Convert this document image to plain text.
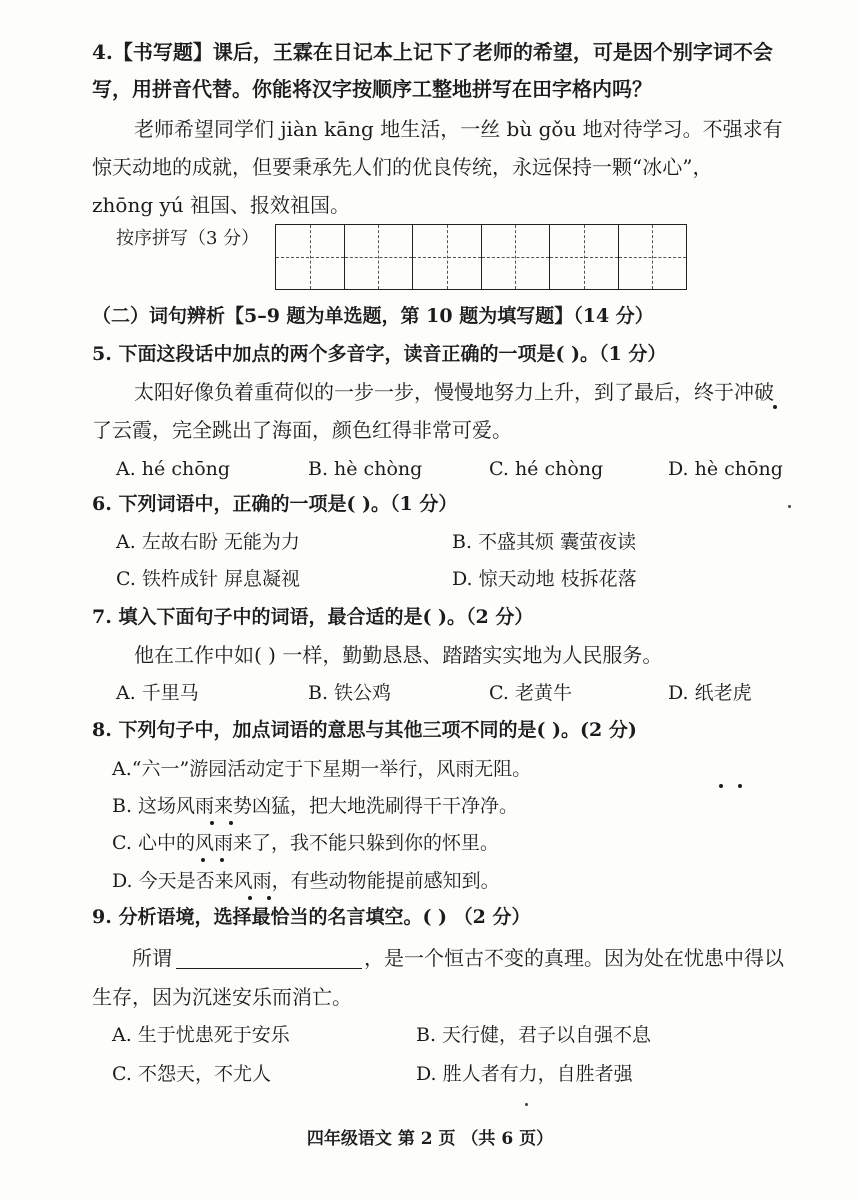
4.【书写题】课后，王霖在日记本上记下了老师的希望，可是因个别字词不会
写，用拼音代替。你能将汉字按顺序工整地拼写在田字格内吗？
老师希望同学们 jiàn kāng 地生活，一丝 bù gǒu 地对待学习。不强求有
惊天动地的成就，但要秉承先人们的优良传统，永远保持一颗“冰心”，
zhōng yú 祖国、报效祖国。
按序拼写（3 分）
（二）词句辨析【5–9 题为单选题，第 10 题为填写题】（14 分）
5. 下面这段话中加点的两个多音字，读音正确的一项是( )。（1 分）
太阳好像负着重荷似的一步一步，慢慢地努力上升，到了最后，终于冲破
了云霞，完全跳出了海面，颜色红得非常可爱。
A. hé chōng	B. hè chòng	C. hé chòng	D. hè chōng
6. 下列词语中，正确的一项是( )。（1 分）
A. 左故右盼 无能为力	B. 不盛其烦 囊萤夜读
C. 铁杵成针 屏息凝视	D. 惊天动地 枝拆花落
7. 填入下面句子中的词语，最合适的是( )。（2 分）
他在工作中如( ) 一样，勤勤恳恳、踏踏实实地为人民服务。
A. 千里马	B. 铁公鸡	C. 老黄牛	D. 纸老虎
8. 下列句子中，加点词语的意思与其他三项不同的是( )。(2 分)
A.“六一”游园活动定于下星期一举行，风雨无阻。
B. 这场风雨来势凶猛，把大地洗刷得干干净净。
C. 心中的风雨来了，我不能只躲到你的怀里。
D. 今天是否来风雨，有些动物能提前感知到。
9. 分析语境，选择最恰当的名言填空。( ) （2 分）
所谓	，是一个恒古不变的真理。因为处在忧患中得以
生存，因为沉迷安乐而消亡。
A. 生于忧患死于安乐	B. 天行健，君子以自强不息
C. 不怨天，不尤人	D. 胜人者有力，自胜者强
四年级语文 第 2 页 （共 6 页）
